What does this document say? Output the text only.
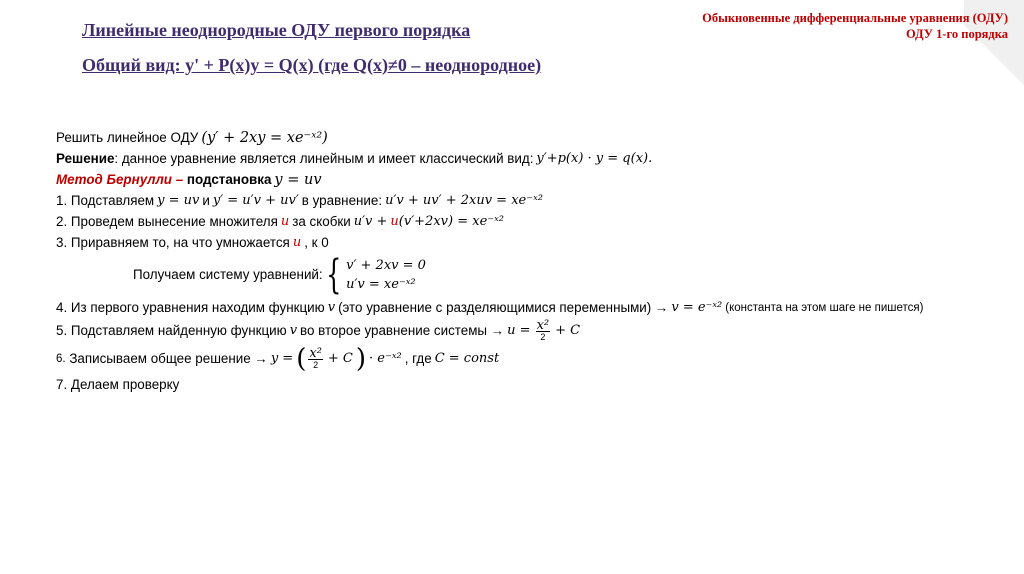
Обыкновенные дифференциальные уравнения (ОДУ)
ОДУ 1-го порядка
Линейные неоднородные ОДУ первого порядка
Общий вид: y' + P(x)y = Q(x) (где Q(x)≠0 – неоднородное)
Решить линейное ОДУ (y′ + 2xy = xe⁻ˣ²)
Решение : данное уравнение является линейным и имеет классический вид: y′+p(x) · y = q(x).
Метод Бернулли –
подстановка y = uv
1. Подставляем y = uv и y′ = u′v + uv′ в уравнение: u′v + uv′ + 2xuv = xe⁻ˣ²
2. Проведем вынесение множителя u за скобки u′v + u (v′+2xv) = xe⁻ˣ²
3. Приравняем то, на что умножается u , к 0
Получаем систему уравнений: { v′ + 2xv = 0
u′v = xe⁻ˣ²
4. Из первого уравнения находим функцию v (это уравнение с разделяющимися переменными) → v = e⁻ˣ² (константа на этом шаге не пишется)
5. Подставляем найденную функцию v во второе уравнение системы → $u = \frac{\text{x²}}{2} + C$
6.
Записываем общее решение → y = ( $\frac{\text{x²}}{2} + C$ ) · e⁻ˣ² , где C = const
7. Делаем проверку
